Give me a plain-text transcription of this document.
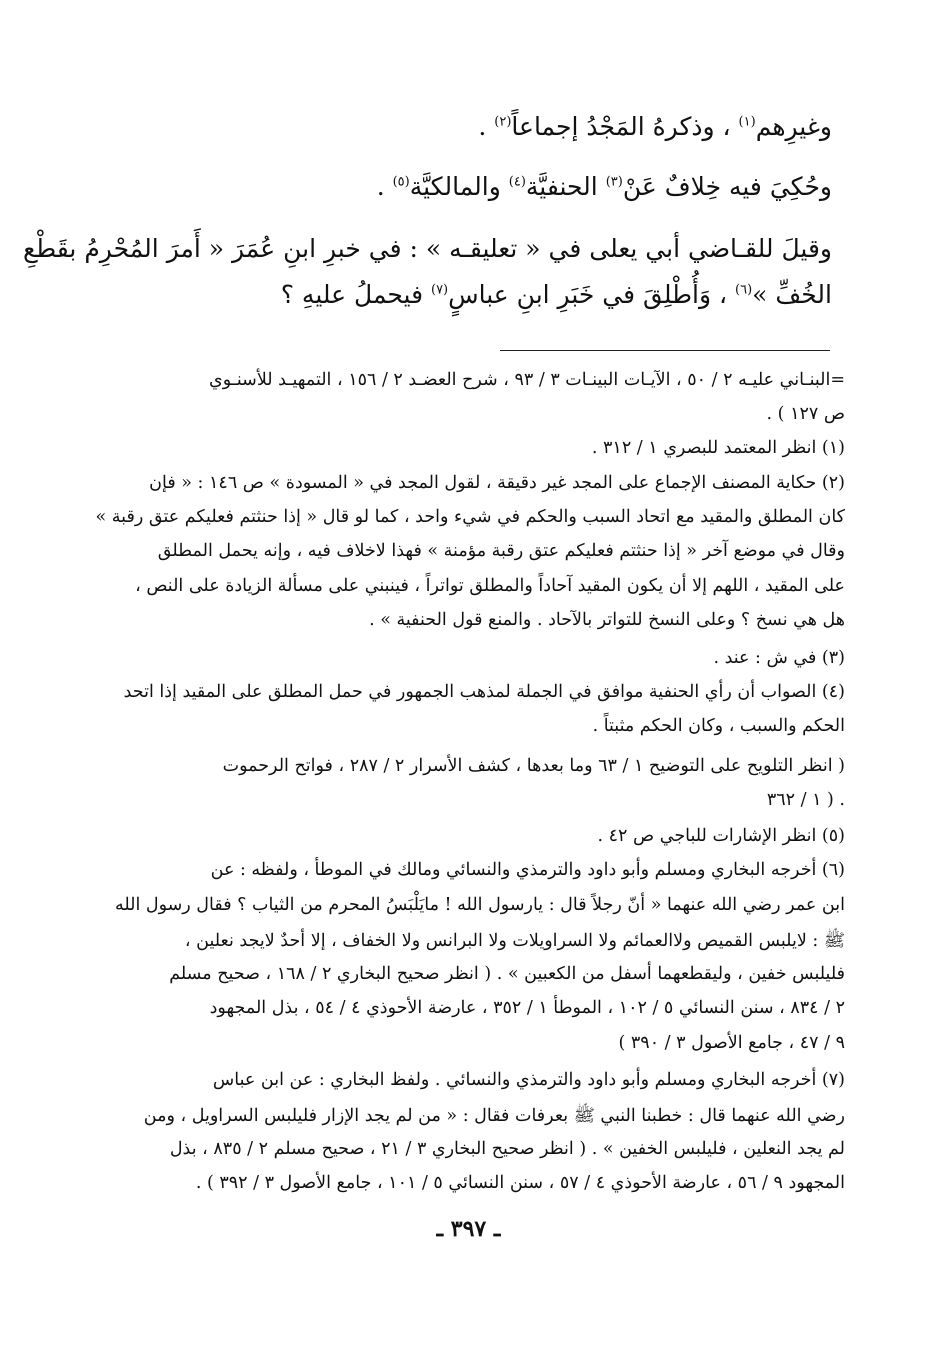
وغيرِهم$^{(١)}$ ، وذكرهُ المَجْدُ إجماعاً$^{(٢)}$ .
وحُكِيَ فيه خِلافٌ عَنْ$^{(٣)}$ الحنفيَّة$^{(٤)}$ والمالكيَّة$^{(٥)}$ .
وقيلَ للقـاضي أبي يعلى في « تعليقـه » : في خبرِ ابنِ عُمَرَ « أَمرَ المُحْرِمُ بقَطْعِ
الخُفِّ »$^{(٦)}$ ، وَأُطْلِقَ في خَبَرِ ابنِ عباسٍ$^{(٧)}$ فيحملُ عليهِ ؟
=البنـاني عليـه ٢ / ٥٠ ، الآيـات البينـات ٣ / ٩٣ ، شرح العضـد ٢ / ١٥٦ ، التمهيـد للأسنـوي
ص ١٢٧ ) .
(١) انظر المعتمد للبصري ١ / ٣١٢ .
(٢) حكاية المصنف الإجماع على المجد غير دقيقة ، لقول المجد في « المسودة » ص ١٤٦ : « فإن
كان المطلق والمقيد مع اتحاد السبب والحكم في شيء واحد ، كما لو قال « إذا حنثتم فعليكم عتق رقبة »
وقال في موضع آخر « إذا حنثتم فعليكم عتق رقبة مؤمنة » فهذا لاخلاف فيه ، وإنه يحمل المطلق
على المقيد ، اللهم إلا أن يكون المقيد آحاداً والمطلق تواتراً ، فينبني على مسألة الزيادة على النص ،
هل هي نسخ ؟ وعلى النسخ للتواتر بالآحاد . والمنع قول الحنفية » .
(٣) في ش : عند .
(٤) الصواب أن رأي الحنفية موافق في الجملة لمذهب الجمهور في حمل المطلق على المقيد إذا اتحد
الحكم والسبب ، وكان الحكم مثبتاً .
( انظر التلويح على التوضيح ١ / ٦٣ وما بعدها ، كشف الأسرار ٢ / ٢٨٧ ، فواتح الرحموت
١ / ٣٦٢ ) .
(٥) انظر الإشارات للباجي ص ٤٢ .
(٦) أخرجه البخاري ومسلم وأبو داود والترمذي والنسائي ومالك في الموطأ ، ولفظه : عن
ابن عمر رضي الله عنهما « أنّ رجلاً قال : يارسول الله ! مايَلْبَسُ المحرم من الثياب ؟ فقال رسول الله
ﷺ : لايلبس القميص ولاالعمائم ولا السراويلات ولا البرانس ولا الخفاف ، إلا أحدٌ لايجد نعلين ،
فليلبس خفين ، وليقطعهما أسفل من الكعبين » . ( انظر صحيح البخاري ٢ / ١٦٨ ، صحيح مسلم
٢ / ٨٣٤ ، سنن النسائي ٥ / ١٠٢ ، الموطأ ١ / ٣٥٢ ، عارضة الأحوذي ٤ / ٥٤ ، بذل المجهود
٩ / ٤٧ ، جامع الأصول ٣ / ٣٩٠ )
(٧) أخرجه البخاري ومسلم وأبو داود والترمذي والنسائي . ولفظ البخاري : عن ابن عباس
رضي الله عنهما قال : خطبنا النبي ﷺ بعرفات فقال : « من لم يجد الإزار فليلبس السراويل ، ومن
لم يجد النعلين ، فليلبس الخفين » . ( انظر صحيح البخاري ٣ / ٢١ ، صحيح مسلم ٢ / ٨٣٥ ، بذل
المجهود ٩ / ٥٦ ، عارضة الأحوذي ٤ / ٥٧ ، سنن النسائي ٥ / ١٠١ ، جامع الأصول ٣ / ٣٩٢ ) .
ـ ٣٩٧ ـ
